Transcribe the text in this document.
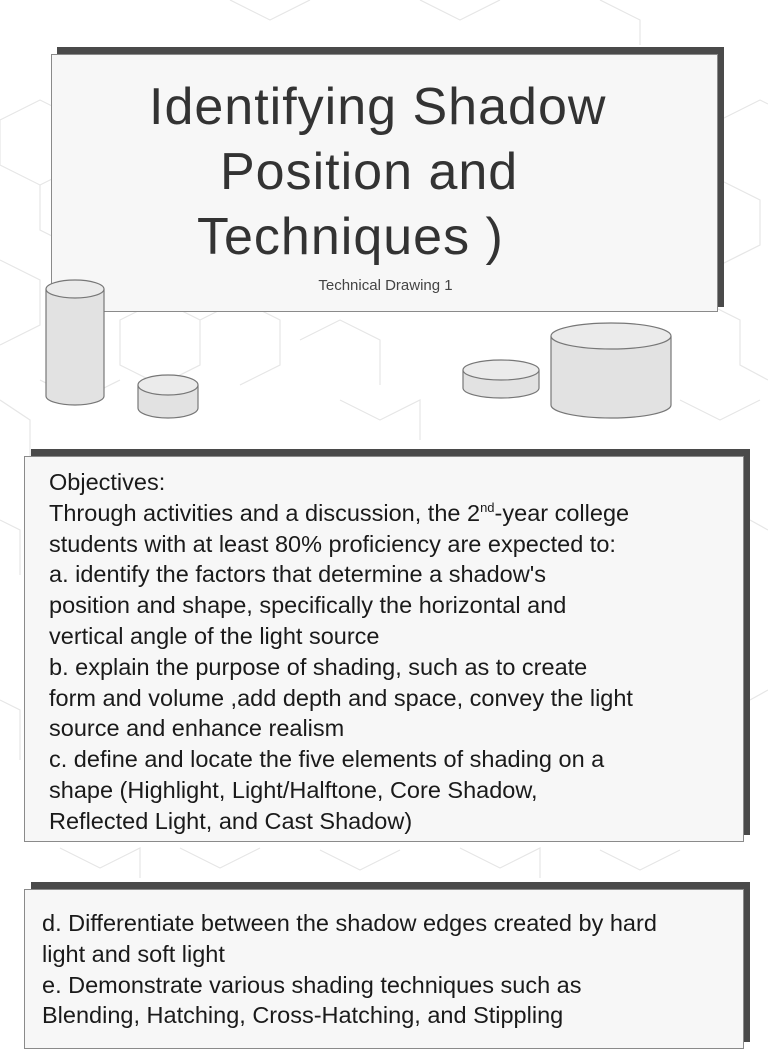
Identifying Shadow
Position and
Techniques )
Technical Drawing 1
Objectives:
Through activities and a discussion, the 2nd-year college
students with at least 80% proficiency are expected to:
a. identify the factors that determine a shadow's
position and shape, specifically the horizontal and
vertical angle of the light source
b. explain the purpose of shading, such as to create
form and volume ,add depth and space, convey the light
source and enhance realism
c. define and locate the five elements of shading on a
shape (Highlight, Light/Halftone, Core Shadow,
Reflected Light, and Cast Shadow)
d. Differentiate between the shadow edges created by hard
light and soft light
e. Demonstrate various shading techniques such as
Blending, Hatching, Cross-Hatching, and Stippling
